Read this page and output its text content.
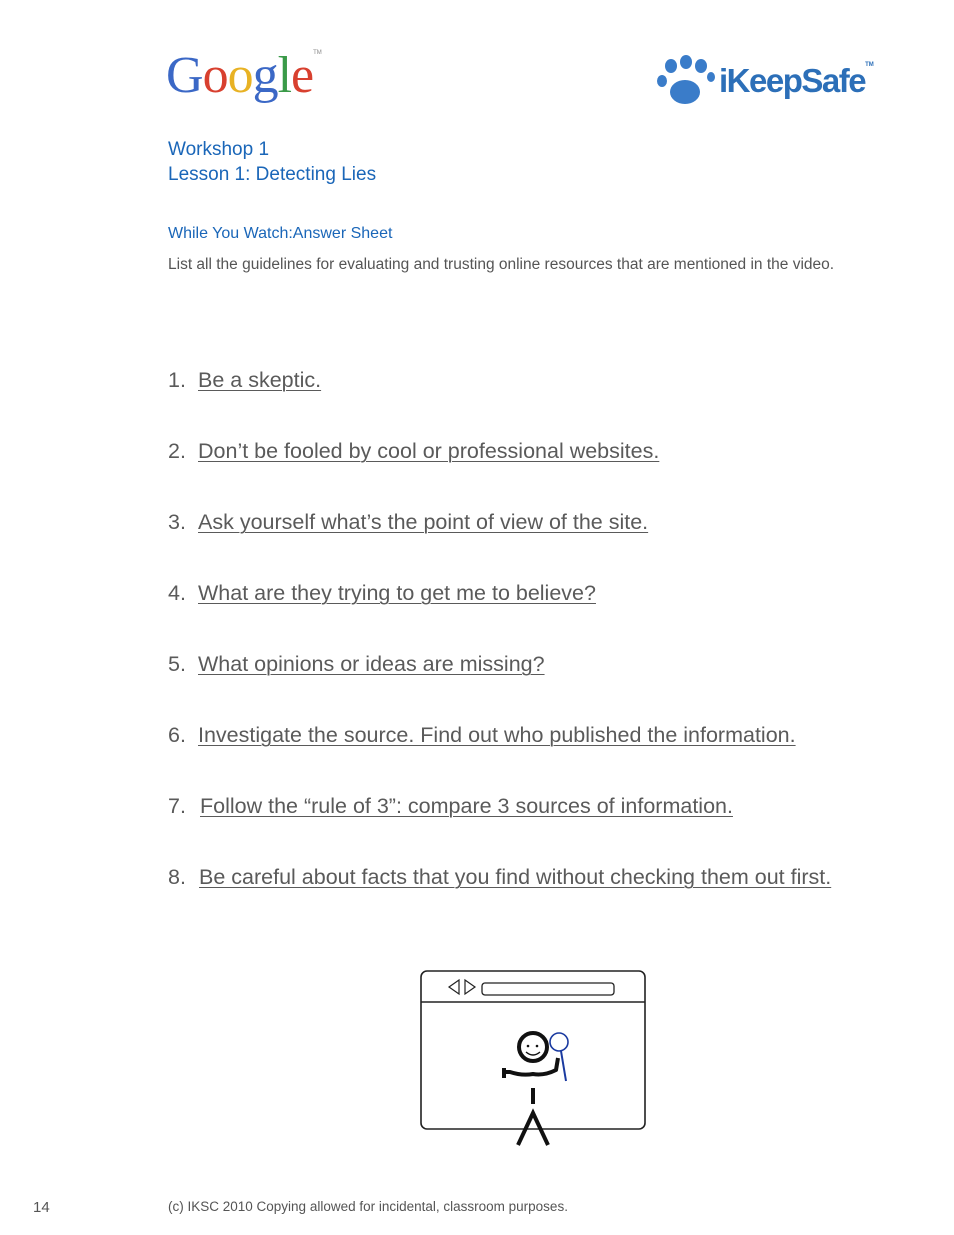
Google™
iKeepSafe™
Workshop 1
Lesson 1: Detecting Lies
While You Watch:Answer Sheet
List all the guidelines for evaluating and trusting online resources that are mentioned in the video.
1. Be a skeptic.
2. Don’t be fooled by cool or professional websites.
3. Ask yourself what’s the point of view of the site.
4. What are they trying to get me to believe?
5. What opinions or ideas are missing?
6. Investigate the source. Find out who published the information.
7. Follow the “rule of 3”: compare 3 sources of information.
8. Be careful about facts that you find without checking them out first.
14	(c) IKSC 2010 Copying allowed for incidental, classroom purposes.
